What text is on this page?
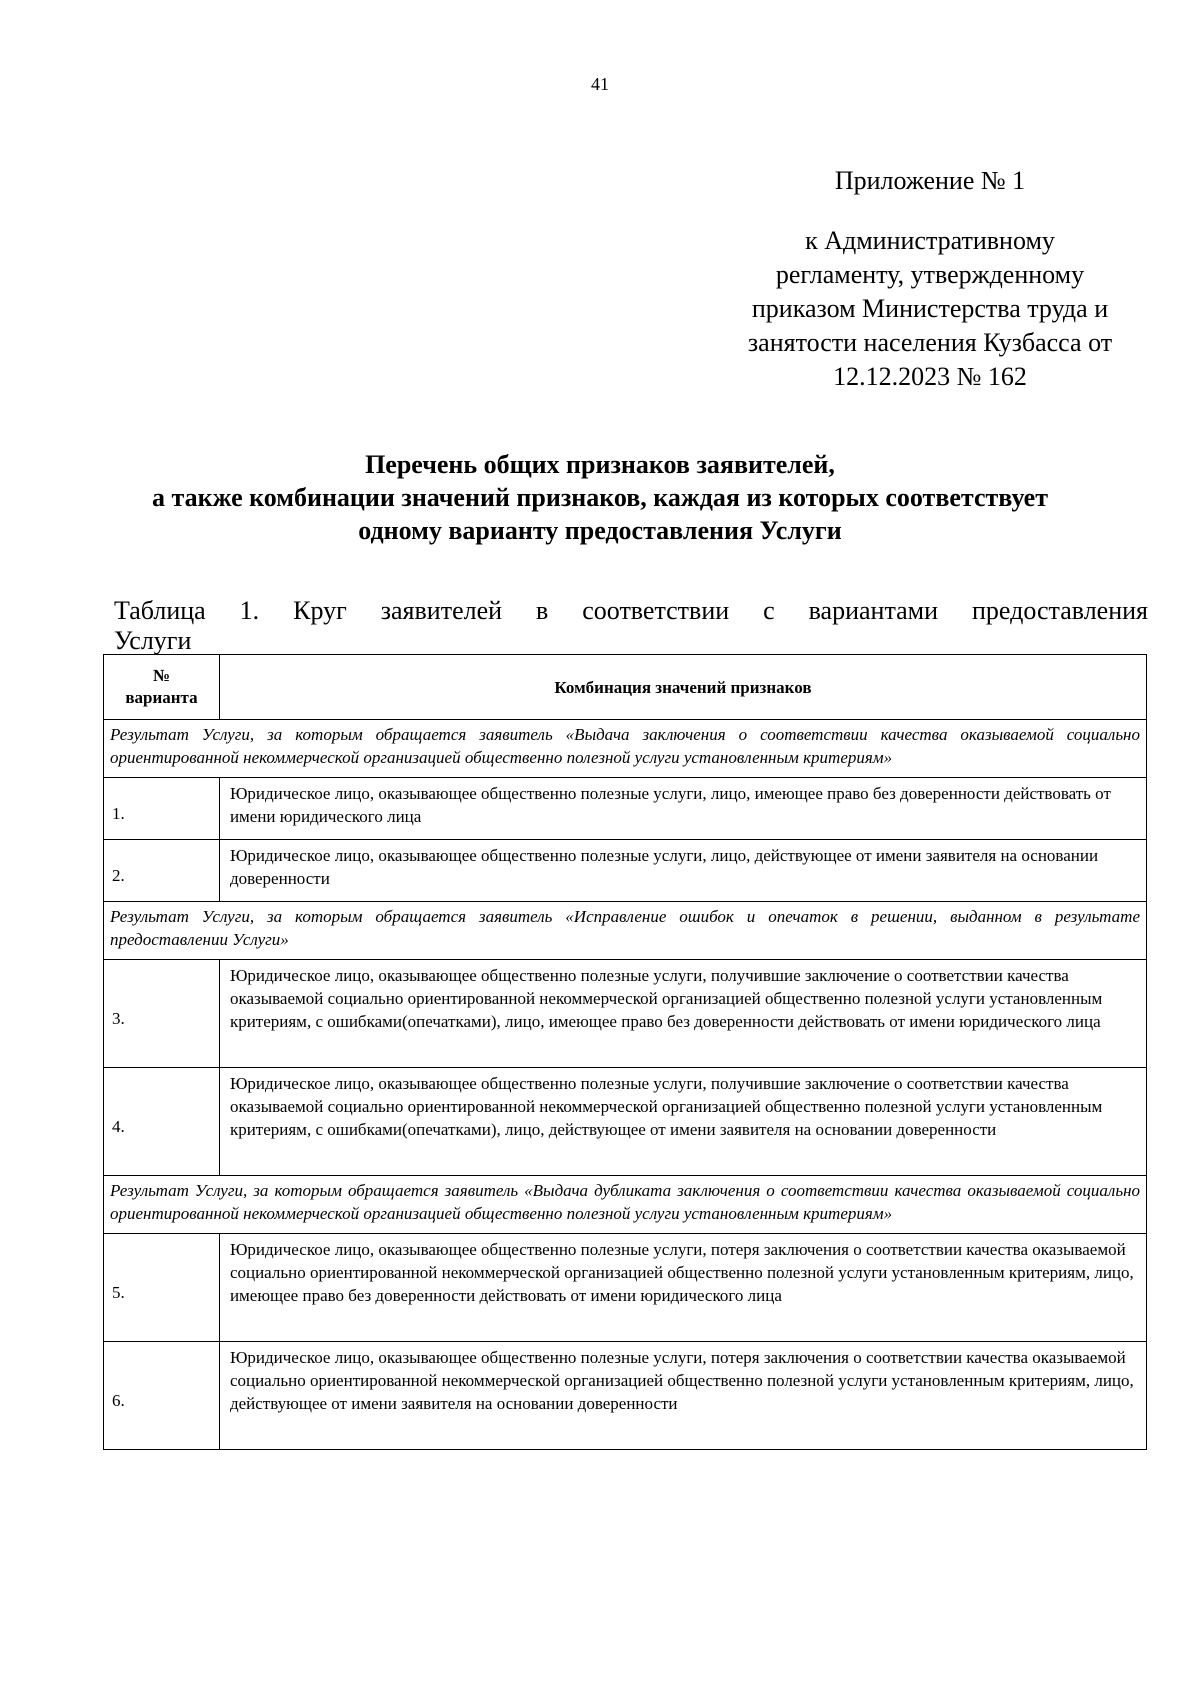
41
Приложение № 1
к Административному
регламенту, утвержденному
приказом Министерства труда и
занятости населения Кузбасса от
12.12.2023 № 162
Перечень общих признаков заявителей,
а также комбинации значений признаков, каждая из которых соответствует
одному варианту предоставления Услуги
Таблица 1. Круг заявителей в соответствии с вариантами предоставления
Услуги
№
варианта	Комбинация значений признаков
Результат Услуги, за которым обращается заявитель «Выдача заключения о соответствии качества оказываемой социально ориентированной некоммерческой организацией общественно полезной услуги установленным критериям»	
1.	Юридическое лицо, оказывающее общественно полезные услуги, лицо, имеющее право без доверенности действовать от имени юридического лица
2.	Юридическое лицо, оказывающее общественно полезные услуги, лицо, действующее от имени заявителя на основании доверенности
Результат Услуги, за которым обращается заявитель «Исправление ошибок и опечаток в решении, выданном в результате предоставлении Услуги»	
3.	Юридическое лицо, оказывающее общественно полезные услуги, получившие заключение о соответствии качества оказываемой социально ориентированной некоммерческой организацией общественно полезной услуги установленным критериям, с ошибками(опечатками), лицо, имеющее право без доверенности действовать от имени юридического лица
4.	Юридическое лицо, оказывающее общественно полезные услуги, получившие заключение о соответствии качества оказываемой социально ориентированной некоммерческой организацией общественно полезной услуги установленным критериям, с ошибками(опечатками), лицо, действующее от имени заявителя на основании доверенности
Результат Услуги, за которым обращается заявитель «Выдача дубликата заключения о соответствии качества оказываемой социально ориентированной некоммерческой организацией общественно полезной услуги установленным критериям»	
5.	Юридическое лицо, оказывающее общественно полезные услуги, потеря заключения о соответствии качества оказываемой социально ориентированной некоммерческой организацией общественно полезной услуги установленным критериям, лицо, имеющее право без доверенности действовать от имени юридического лица
6.	Юридическое лицо, оказывающее общественно полезные услуги, потеря заключения о соответствии качества оказываемой социально ориентированной некоммерческой организацией общественно полезной услуги установленным критериям, лицо, действующее от имени заявителя на основании доверенности
